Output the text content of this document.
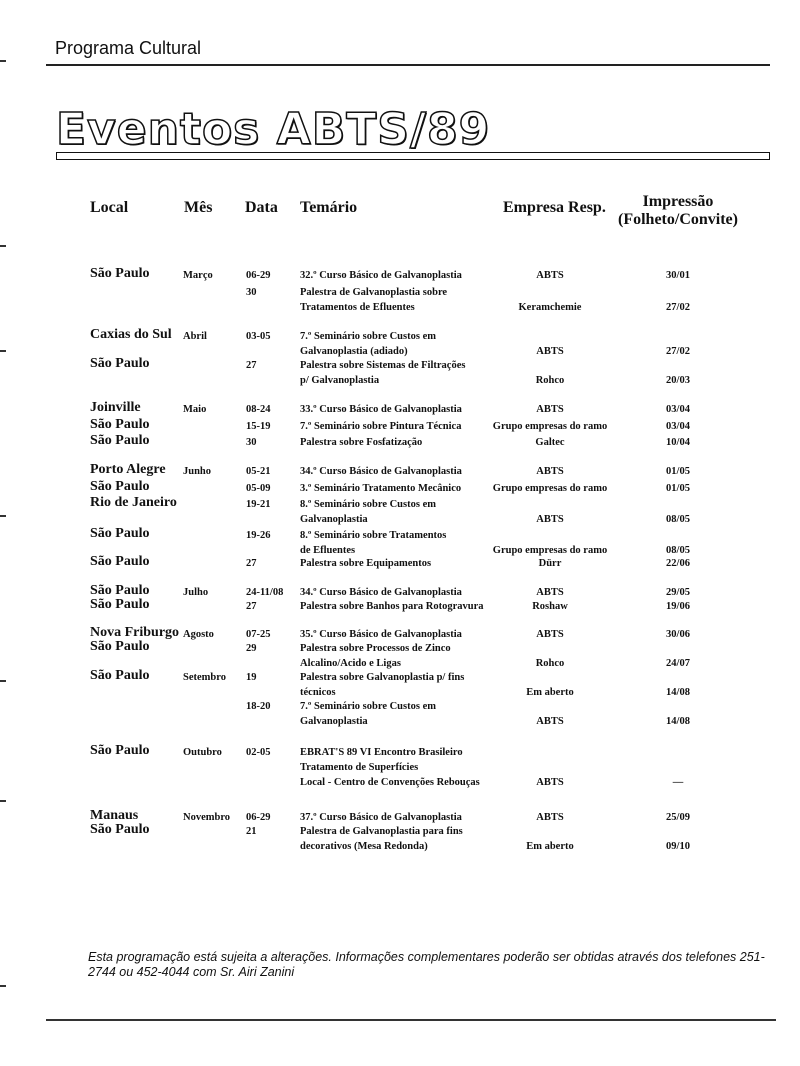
Programa Cultural
Eventos ABTS/89
Local	Mês Data Temário	Empresa Resp.	Impressão
(Folheto/Convite)
São Paulo	Março	06-29	32.º Curso Básico de Galvanoplastia	ABTS	30/01
30	Palestra de Galvanoplastia sobre
Tratamentos de Efluentes	Keramchemie	27/02
Caxias do Sul Abril	03-05	7.º Seminário sobre Custos em
Galvanoplastia (adiado)	ABTS	27/02
São Paulo	27	Palestra sobre Sistemas de Filtrações
p/ Galvanoplastia	Rohco	20/03
Joinville	Maio	08-24	33.º Curso Básico de Galvanoplastia	ABTS	03/04
São Paulo	15-19	7.º Seminário sobre Pintura Técnica	Grupo empresas do ramo	03/04
São Paulo	30	Palestra sobre Fosfatização	Galtec	10/04
Porto Alegre Junho	05-21	34.º Curso Básico de Galvanoplastia	ABTS	01/05
São Paulo	05-09	3.º Seminário Tratamento Mecânico	Grupo empresas do ramo	01/05
Rio de Janeiro	19-21	8.º Seminário sobre Custos em
Galvanoplastia	ABTS	08/05
São Paulo	19-26	8.º Seminário sobre Tratamentos
de Efluentes	Grupo empresas do ramo	08/05
São Paulo	27	Palestra sobre Equipamentos	Dürr	22/06
São Paulo	Julho	24-11/08 34.º Curso Básico de Galvanoplastia	ABTS	29/05
São Paulo	27	Palestra sobre Banhos para Rotogravura	Roshaw	19/06
Nova Friburgo Agosto	07-25	35.º Curso Básico de Galvanoplastia	ABTS	30/06
São Paulo	29	Palestra sobre Processos de Zinco
Alcalino/Acido e Ligas	Rohco	24/07
São Paulo	Setembro 19	Palestra sobre Galvanoplastia p/ fins
técnicos	Em aberto	14/08
18-20	7.º Seminário sobre Custos em
Galvanoplastia	ABTS	14/08
São Paulo	Outubro 02-05	EBRAT'S 89 VI Encontro Brasileiro
Tratamento de Superfícies
Local - Centro de Convenções Rebouças	ABTS	—
Manaus	Novembro 06-29	37.º Curso Básico de Galvanoplastia	ABTS	25/09
São Paulo	21	Palestra de Galvanoplastia para fins
decorativos (Mesa Redonda)	Em aberto	09/10
Esta programação está sujeita a alterações. Informações complementares poderão ser obtidas através dos telefones 251-2744 ou 452-4044 com Sr. Airi Zanini
